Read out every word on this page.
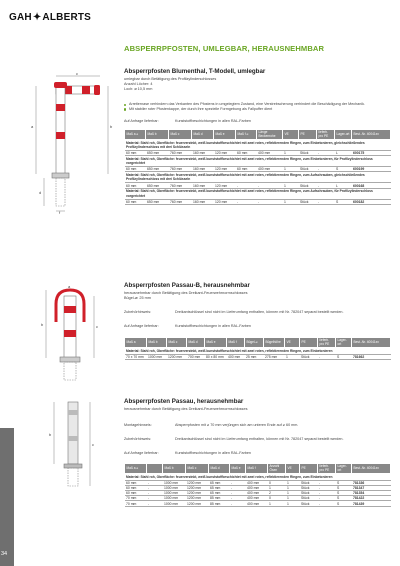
GAH✦ALBERTS
ABSPERRPFOSTEN, UMLEGBAR, HERAUSNEHMBAR
c
b
a
d
f
Absperrpfosten Blumenthal, T-Modell, umlegbar
umlegbar durch Betätigung des Profilzylinderschlosses
Anzahl Löcher: 4
Loch: ⌀ 10,5 mm
Arretiernase verhindern das Verkanten des Pfostens in umgelegtem Zustand, eine Verstrebscherung verhindert die Beschädigung der Mechanik.
Mit stabiler roter Pfostenkappe, der durch ihre spezielle Formgebung als Fallpuffer dient
Auf Anfrage lieferbar:	Kunststoffbeschichtungen in allen RAL-Farben
Maß a ⌀	Maß b	Maß c	Maß d	Maß e	Maß f ⌀	Länge Beckenrohe	VE	PE	lieferb. pro PE	Lager-ort	Best.-Nr. 40041xx
Material: Stahl roh, Oberfläche: feuerverzinkt, weiß kunststoffbeschichtet mit zwei roten, reflektierenden Ringen, zum Einbetonieren, gleichschließendes Profilzylinderschloss mit drei Schlüsseln											
60 mm	650 mm	760 mm	160 mm	120 mm	60 mm	400 mm	1	Stück	-	L	600175
Material: Stahl roh, Oberfläche: feuerverzinkt, weiß kunststoffbeschichtet mit zwei roten, reflektierenden Ringen, zum Einbetonieren, für Profilzylinderschloss vorgerichtet											
60 mm	650 mm	760 mm	160 mm	120 mm	60 mm	400 mm	1	Stück	-	S	600199
Material: Stahl roh, Oberfläche: feuerverzinkt, weiß kunststoffbeschichtet mit zwei roten, reflektierenden Ringen, zum Aufschrauben, gleichschließendes Profilzylinderschloss mit drei Schlüsseln											
60 mm	650 mm	760 mm	160 mm	120 mm	-	-	1	Stück	-	L	600168
Material: Stahl roh, Oberfläche: feuerverzinkt, weiß kunststoffbeschichtet mit zwei roten, reflektierenden Ringen, zum Aufschrauben, für Profilzylinderschloss vorgerichtet											
60 mm	650 mm	760 mm	160 mm	120 mm	-	-	1	Stück	-	S	600182
b	c
a	Absperrpfosten Passau-B, herausnehmbar
herausnehmbar durch Betätigung des Dreikant-Feuerwehrnormschlosses
Bügel-⌀: 25 mm
Zubehörhinweis:	Dreikantschlüssel sind nicht im Lieferumfang enthalten, können mit Nr. 782047 separat bestellt werden.
Auf Anfrage lieferbar:	Kunststoffbeschichtungen in allen RAL-Farben
Maß a	Maß b	Maß c	Maß d	Maß e	Maß f	Bügel-⌀	Bügelhöhe	VE	PE	lieferb. pro PE	Lager-ort	Best.-Nr. 40041xx
Material: Stahl roh, Oberfläche: feuerverzinkt, weiß kunststoffbeschichtet mit zwei roten, reflektierenden Ringen, zum Einbetonieren												
70 x 70 mm	1000 mm	1200 mm	700 mm	80 x 80 mm	400 mm	25 mm	275 mm	1	Stück	-	S	781662
b
c
Absperrpfosten Passau, herausnehmbar
herausnehmbar durch Betätigung des Dreikant-Feuerwehrnormschlosses
Montagehinweis:	Absperrpfosten mit ⌀ 70 mm verjüngen sich am unteren Ende auf ⌀ 60 mm.
Zubehörhinweis:	Dreikantschlüssel sind nicht im Lieferumfang enthalten, können mit Nr. 782047 separat bestellt werden.
Auf Anfrage lieferbar:	Kunststoffbeschichtungen in allen RAL-Farben
Maß a ⌀		Maß b	Maß c	Maß d	Maß e	Maß f	Anzahl Ösen	VE	PE	lieferb. pro PE	Lager-ort	Best.-Nr. 40041xx
Material: Stahl roh, Oberfläche: feuerverzinkt, weiß kunststoffbeschichtet mit zwei roten, reflektierenden Ringen, zum Einbetonieren												
60 mm	-	1000 mm	1200 mm	65 mm	-	400 mm	0	1	Stück	-	S	781336
60 mm	-	1000 mm	1200 mm	65 mm	-	400 mm	1	1	Stück	-	S	781347
60 mm	-	1000 mm	1200 mm	65 mm	-	400 mm	2	1	Stück	-	S	781354
70 mm	-	1000 mm	1200 mm	85 mm	-	400 mm	0	1	Stück	-	S	781422
70 mm	-	1000 mm	1200 mm	85 mm	-	400 mm	1	1	Stück	-	S	781439
34
